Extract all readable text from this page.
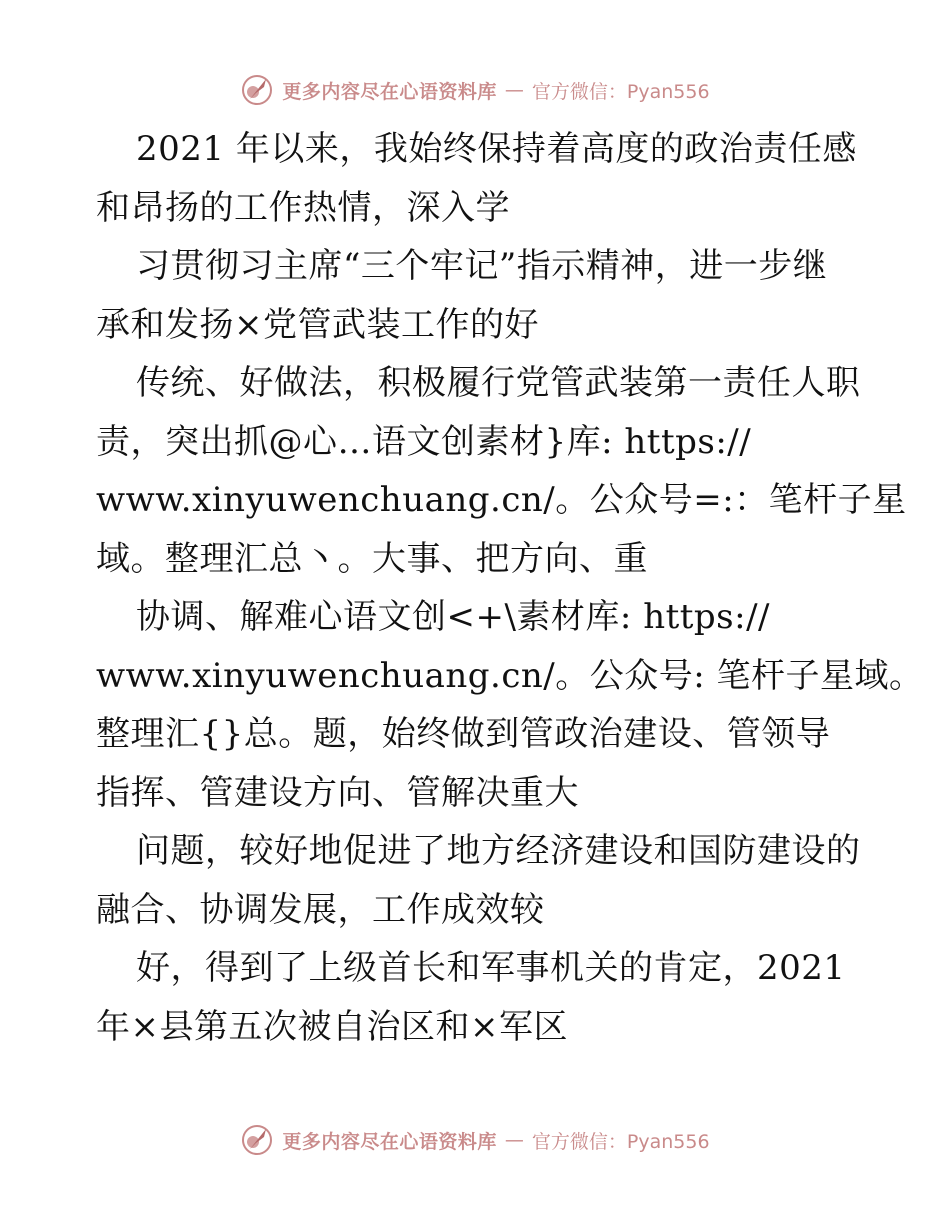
更多内容尽在心语资料库 — 官方微信：Pyan556
2021 年以来，我始终保持着高度的政治责任感
和昂扬的工作热情，深入学
习贯彻习主席“三个牢记”指示精神，进一步继
承和发扬×党管武装工作的好
传统、好做法，积极履行党管武装第一责任人职
责，突出抓@心…语文创素材}库: https://
www.xinyuwenchuang.cn/。公众号=:：笔杆子星
域。整理汇总丶。大事、把方向、重
协调、解难心语文创<+\素材库: https://
www.xinyuwenchuang.cn/。公众号: 笔杆子星域。
整理汇{}总。题，始终做到管政治建设、管领导
指挥、管建设方向、管解决重大
问题，较好地促进了地方经济建设和国防建设的
融合、协调发展，工作成效较
好，得到了上级首长和军事机关的肯定，2021
年×县第五次被自治区和×军区
更多内容尽在心语资料库 — 官方微信：Pyan556
